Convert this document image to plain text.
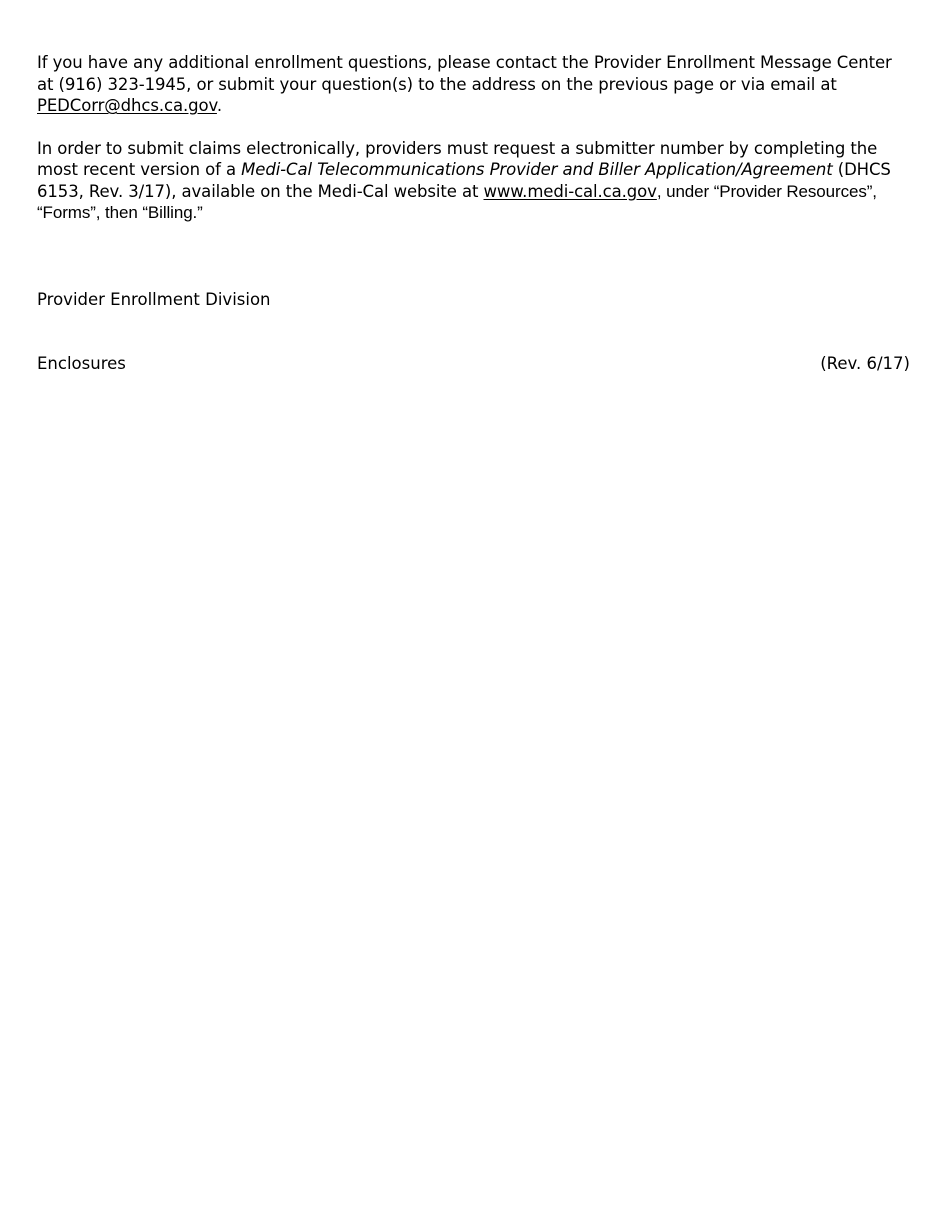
If you have any additional enrollment questions, please contact the Provider Enrollment Message Center at (916) 323-1945, or submit your question(s) to the address on the previous page or via email at PEDCorr@dhcs.ca.gov.

In order to submit claims electronically, providers must request a submitter number by completing the most recent version of a Medi-Cal Telecommunications Provider and Biller Application/Agreement (DHCS 6153, Rev. 3/17), available on the Medi-Cal website at www.medi-cal.ca.gov, under “Provider Resources”, “Forms”, then “Billing.”

Provider Enrollment Division
Enclosures	(Rev. 6/17)
